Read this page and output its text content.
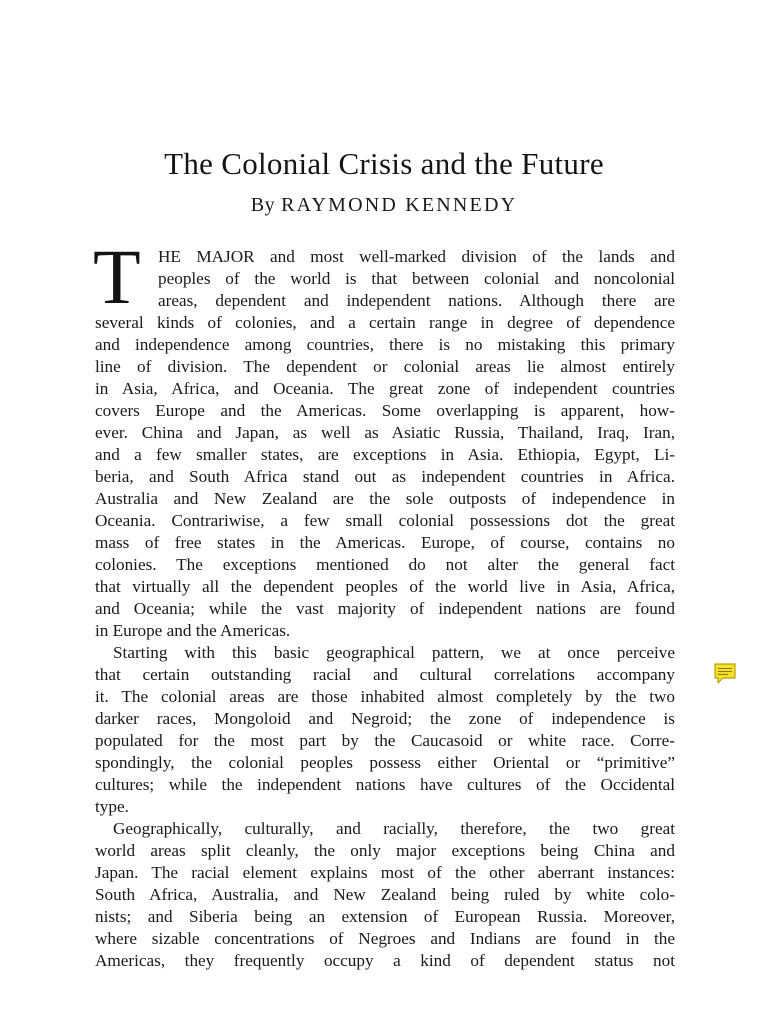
The Colonial Crisis and the Future
By RAYMOND KENNEDY
T HE MAJOR and most well-marked division of the lands and
peoples of the world is that between colonial and noncolonial
areas, dependent and independent nations. Although there are
several kinds of colonies, and a certain range in degree of dependence
and independence among countries, there is no mistaking this primary
line of division. The dependent or colonial areas lie almost entirely
in Asia, Africa, and Oceania. The great zone of independent countries
covers Europe and the Americas. Some overlapping is apparent, how-
ever. China and Japan, as well as Asiatic Russia, Thailand, Iraq, Iran,
and a few smaller states, are exceptions in Asia. Ethiopia, Egypt, Li-
beria, and South Africa stand out as independent countries in Africa.
Australia and New Zealand are the sole outposts of independence in
Oceania. Contrariwise, a few small colonial possessions dot the great
mass of free states in the Americas. Europe, of course, contains no
colonies. The exceptions mentioned do not alter the general fact
that virtually all the dependent peoples of the world live in Asia, Africa,
and Oceania; while the vast majority of independent nations are found
in Europe and the Americas.
Starting with this basic geographical pattern, we at once perceive
that certain outstanding racial and cultural correlations accompany
it. The colonial areas are those inhabited almost completely by the two
darker races, Mongoloid and Negroid; the zone of independence is
populated for the most part by the Caucasoid or white race. Corre-
spondingly, the colonial peoples possess either Oriental or “primitive”
cultures; while the independent nations have cultures of the Occidental
type.
Geographically, culturally, and racially, therefore, the two great
world areas split cleanly, the only major exceptions being China and
Japan. The racial element explains most of the other aberrant instances:
South Africa, Australia, and New Zealand being ruled by white colo-
nists; and Siberia being an extension of European Russia. Moreover,
where sizable concentrations of Negroes and Indians are found in the
Americas, they frequently occupy a kind of dependent status not
